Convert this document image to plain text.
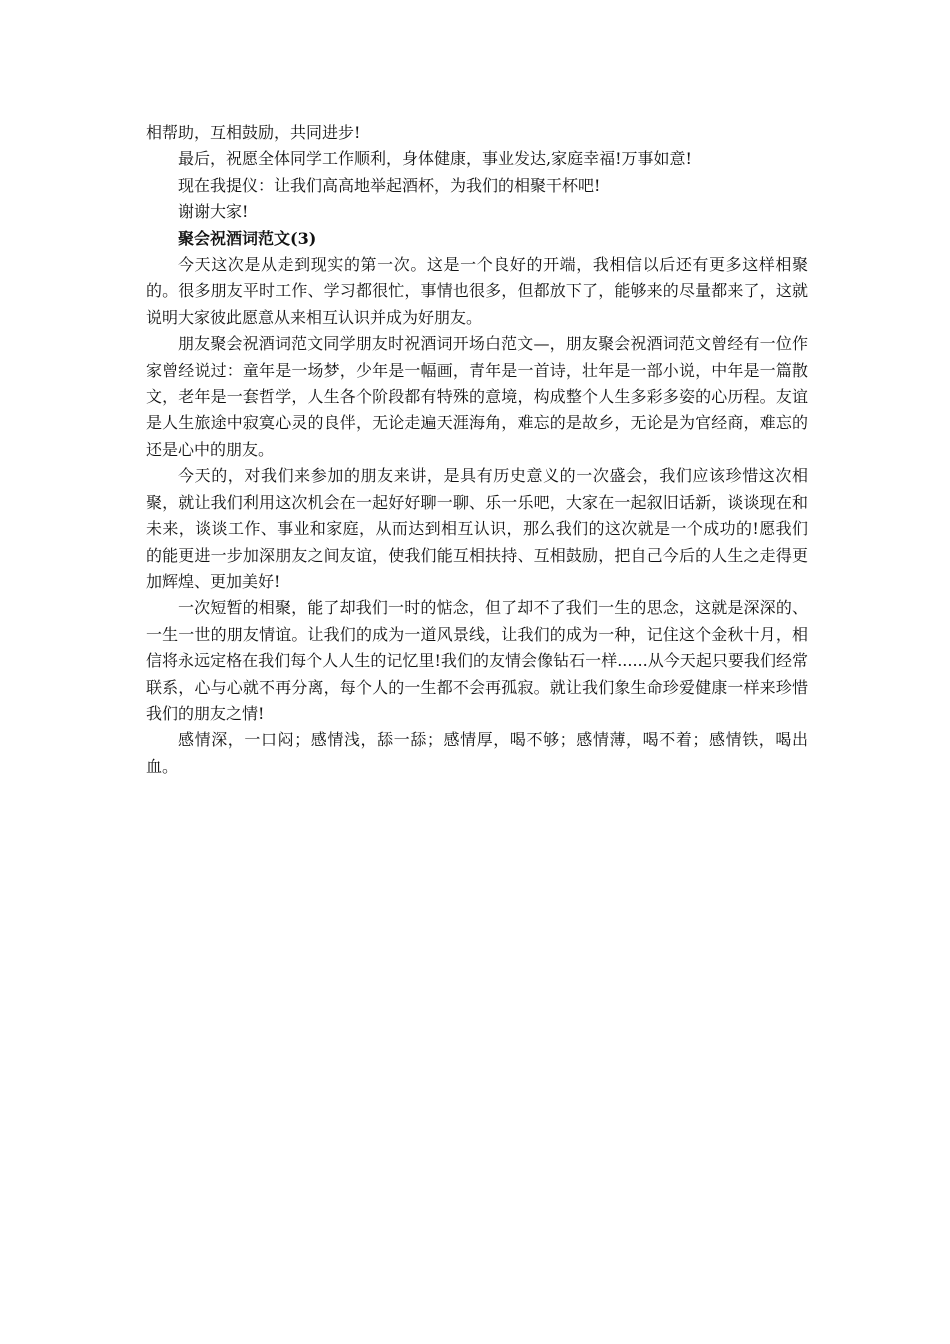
相帮助，互相鼓励，共同进步!

最后，祝愿全体同学工作顺利，身体健康，事业发达,家庭幸福!万事如意!

现在我提仪：让我们高高地举起酒杯，为我们的相聚干杯吧!

谢谢大家!

聚会祝酒词范文(3)

今天这次是从走到现实的第一次。这是一个良好的开端，我相信以后还有更多这样相聚的。很多朋友平时工作、学习都很忙，事情也很多，但都放下了，能够来的尽量都来了，这就说明大家彼此愿意从来相互认识并成为好朋友。

朋友聚会祝酒词范文同学朋友时祝酒词开场白范文—，朋友聚会祝酒词范文曾经有一位作家曾经说过：童年是一场梦，少年是一幅画，青年是一首诗，壮年是一部小说，中年是一篇散文，老年是一套哲学，人生各个阶段都有特殊的意境，构成整个人生多彩多姿的心历程。友谊是人生旅途中寂寞心灵的良伴，无论走遍天涯海角，难忘的是故乡，无论是为官经商，难忘的还是心中的朋友。

今天的，对我们来参加的朋友来讲，是具有历史意义的一次盛会，我们应该珍惜这次相聚，就让我们利用这次机会在一起好好聊一聊、乐一乐吧，大家在一起叙旧话新，谈谈现在和未来，谈谈工作、事业和家庭，从而达到相互认识，那么我们的这次就是一个成功的!愿我们的能更进一步加深朋友之间友谊，使我们能互相扶持、互相鼓励，把自己今后的人生之走得更加辉煌、更加美好!

一次短暂的相聚，能了却我们一时的惦念，但了却不了我们一生的思念，这就是深深的、一生一世的朋友情谊。让我们的成为一道风景线，让我们的成为一种，记住这个金秋十月，相信将永远定格在我们每个人人生的记忆里!我们的友情会像钻石一样......从今天起只要我们经常联系，心与心就不再分离，每个人的一生都不会再孤寂。就让我们象生命珍爱健康一样来珍惜我们的朋友之情!

感情深，一口闷；感情浅，舔一舔；感情厚，喝不够；感情薄，喝不着；感情铁，喝出血。
